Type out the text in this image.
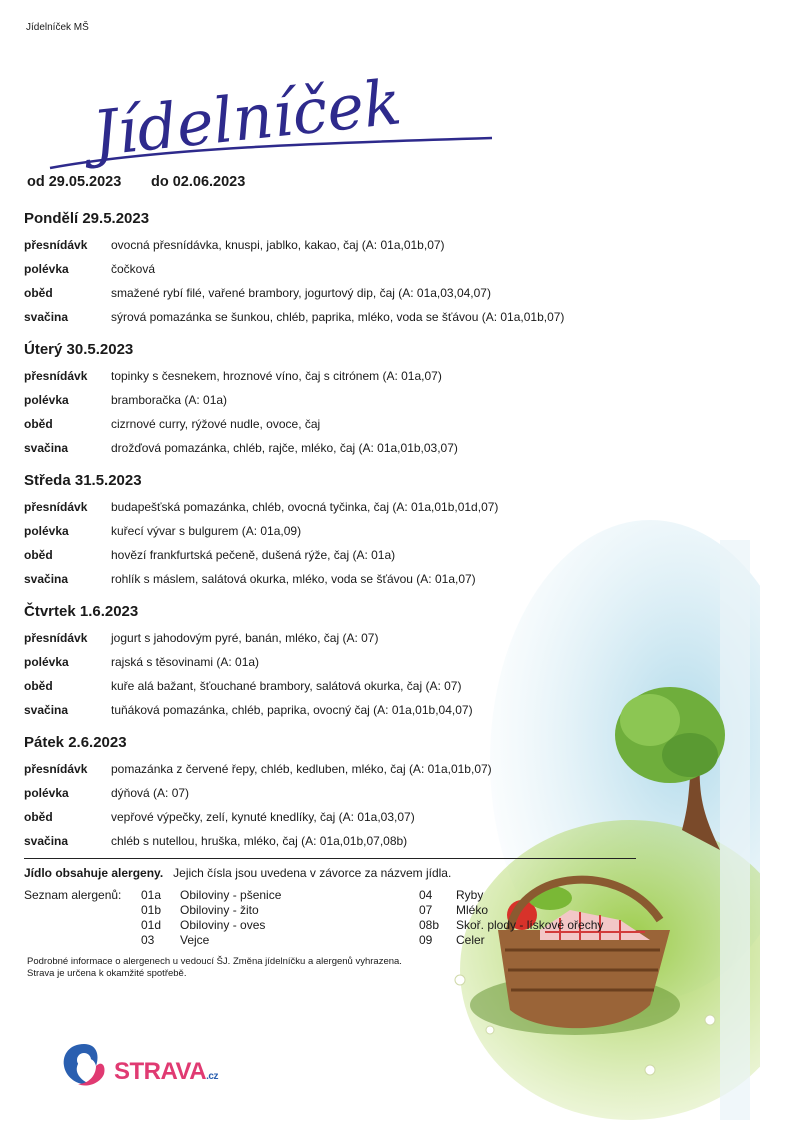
Jídelníček MŠ
Jídelníček
od 29.05.2023 do 02.06.2023
Pondělí 29.5.2023
přesnídávk ovocná přesnídávka, knuspi, jablko, kakao, čaj (A: 01a,01b,07)
polévka	čočková
oběd	smažené rybí filé, vařené brambory, jogurtový dip, čaj (A: 01a,03,04,07)
svačina	sýrová pomazánka se šunkou, chléb, paprika, mléko, voda se šťávou (A: 01a,01b,07)
Úterý 30.5.2023
přesnídávk topinky s česnekem, hroznové víno, čaj s citrónem (A: 01a,07)
polévka	bramboračka (A: 01a)
oběd	cizrnové curry, rýžové nudle, ovoce, čaj
svačina	drožďová pomazánka, chléb, rajče, mléko, čaj (A: 01a,01b,03,07)
Středa 31.5.2023
přesnídávk budapešťská pomazánka, chléb, ovocná tyčinka, čaj (A: 01a,01b,01d,07)
polévka	kuřecí vývar s bulgurem (A: 01a,09)
oběd	hovězí frankfurtská pečeně, dušená rýže, čaj (A: 01a)
svačina	rohlík s máslem, salátová okurka, mléko, voda se šťávou (A: 01a,07)
Čtvrtek 1.6.2023
přesnídávk jogurt s jahodovým pyré, banán, mléko, čaj (A: 07)
polévka	rajská s těsovinami (A: 01a)
oběd	kuře alá bažant, šťouchané brambory, salátová okurka, čaj (A: 07)
svačina	tuňáková pomazánka, chléb, paprika, ovocný čaj (A: 01a,01b,04,07)
Pátek 2.6.2023
přesnídávk pomazánka z červené řepy, chléb, kedluben, mléko, čaj (A: 01a,01b,07)
polévka	dýňová (A: 07)
oběd	vepřové výpečky, zelí, kynuté knedlíky, čaj (A: 01a,03,07)
svačina	chléb s nutellou, hruška, mléko, čaj (A: 01a,01b,07,08b)
Jídlo obsahuje alergeny. Jejich čísla jsou uvedena v závorce za názvem jídla.
Seznam alergenů: 01a Obiloviny - pšenice
01b Obiloviny - žito
01d Obiloviny - oves
03 Vejce
04 Ryby
07 Mléko
08b Skoř. plody - lískové ořechy
09 Celer
Podrobné informace o alergenech u vedoucí ŠJ. Změna jídelníčku a alergenů vyhrazena.
Strava je určena k okamžité spotřebě.
STRAVA.cz
